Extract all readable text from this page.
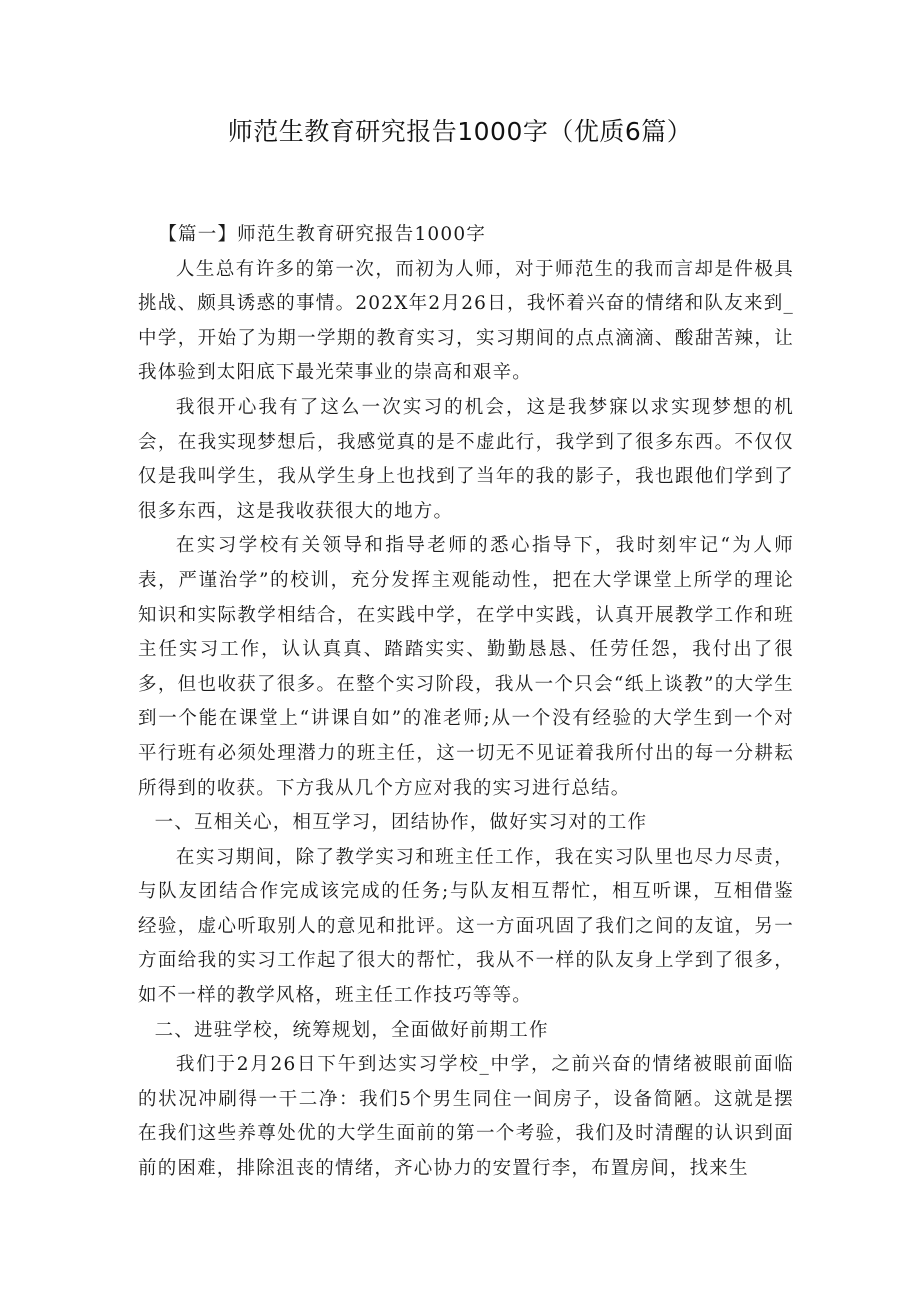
师范生教育研究报告1000字（优质6篇）

【篇一】师范生教育研究报告1000字

人生总有许多的第一次，而初为人师，对于师范生的我而言却是件极具挑战、颇具诱惑的事情。202X年2月26日，我怀着兴奋的情绪和队友来到_中学，开始了为期一学期的教育实习，实习期间的点点滴滴、酸甜苦辣，让我体验到太阳底下最光荣事业的崇高和艰辛。

我很开心我有了这么一次实习的机会，这是我梦寐以求实现梦想的机会，在我实现梦想后，我感觉真的是不虚此行，我学到了很多东西。不仅仅仅是我叫学生，我从学生身上也找到了当年的我的影子，我也跟他们学到了很多东西，这是我收获很大的地方。

在实习学校有关领导和指导老师的悉心指导下，我时刻牢记“为人师表，严谨治学”的校训，充分发挥主观能动性，把在大学课堂上所学的理论知识和实际教学相结合，在实践中学，在学中实践，认真开展教学工作和班主任实习工作，认认真真、踏踏实实、勤勤恳恳、任劳任怨，我付出了很多，但也收获了很多。在整个实习阶段，我从一个只会“纸上谈教”的大学生到一个能在课堂上“讲课自如”的准老师;从一个没有经验的大学生到一个对平行班有必须处理潜力的班主任，这一切无不见证着我所付出的每一分耕耘所得到的收获。下方我从几个方应对我的实习进行总结。

一、互相关心，相互学习，团结协作，做好实习对的工作

在实习期间，除了教学实习和班主任工作，我在实习队里也尽力尽责，与队友团结合作完成该完成的任务;与队友相互帮忙，相互听课，互相借鉴经验，虚心听取别人的意见和批评。这一方面巩固了我们之间的友谊，另一方面给我的实习工作起了很大的帮忙，我从不一样的队友身上学到了很多，如不一样的教学风格，班主任工作技巧等等。

二、进驻学校，统筹规划，全面做好前期工作

我们于2月26日下午到达实习学校_中学，之前兴奋的情绪被眼前面临的状况冲刷得一干二净：我们5个男生同住一间房子，设备简陋。这就是摆在我们这些养尊处优的大学生面前的第一个考验，我们及时清醒的认识到面前的困难，排除沮丧的情绪，齐心协力的安置行李，布置房间，找来生
